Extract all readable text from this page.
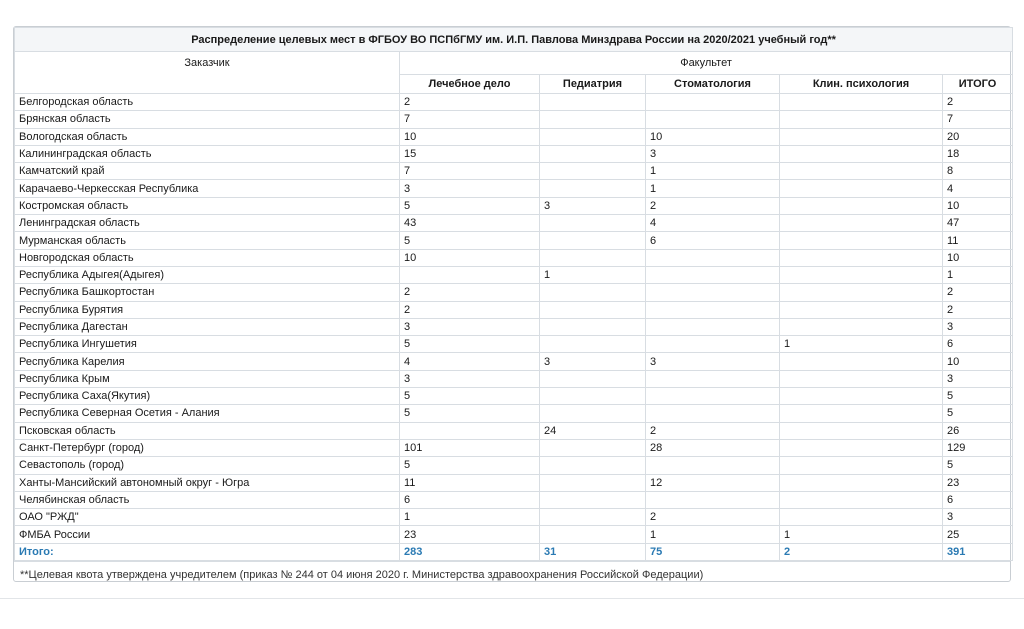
Распределение целевых мест в ФГБОУ ВО ПСПбГМУ им. И.П. Павлова Минздрава России на 2020/2021 учебный год**					
Заказчик	Факультет				
	Лечебное дело	Педиатрия	Стоматология	Клин. психология	ИТОГО
Белгородская область	2				2
Брянская область	7				7
Вологодская область	10		10		20
Калининградская область	15		3		18
Камчатский край	7		1		8
Карачаево-Черкесская Республика	3		1		4
Костромская область	5	3	2		10
Ленинградская область	43		4		47
Мурманская область	5		6		11
Новгородская область	10				10
Республика Адыгея(Адыгея)		1			1
Республика Башкортостан	2				2
Республика Бурятия	2				2
Республика Дагестан	3				3
Республика Ингушетия	5			1	6
Республика Карелия	4	3	3		10
Республика Крым	3				3
Республика Саха(Якутия)	5				5
Республика Северная Осетия - Алания	5				5
Псковская область		24	2		26
Санкт-Петербург (город)	101		28		129
Севастополь (город)	5				5
Ханты-Мансийский автономный округ - Югра	11		12		23
Челябинская область	6				6
ОАО "РЖД"	1		2		3
ФМБА России	23		1	1	25
Итого:	283	31	75	2	391
**Целевая квота утверждена учредителем (приказ № 244 от 04 июня 2020 г. Министерства здравоохранения Российской Федерации)
